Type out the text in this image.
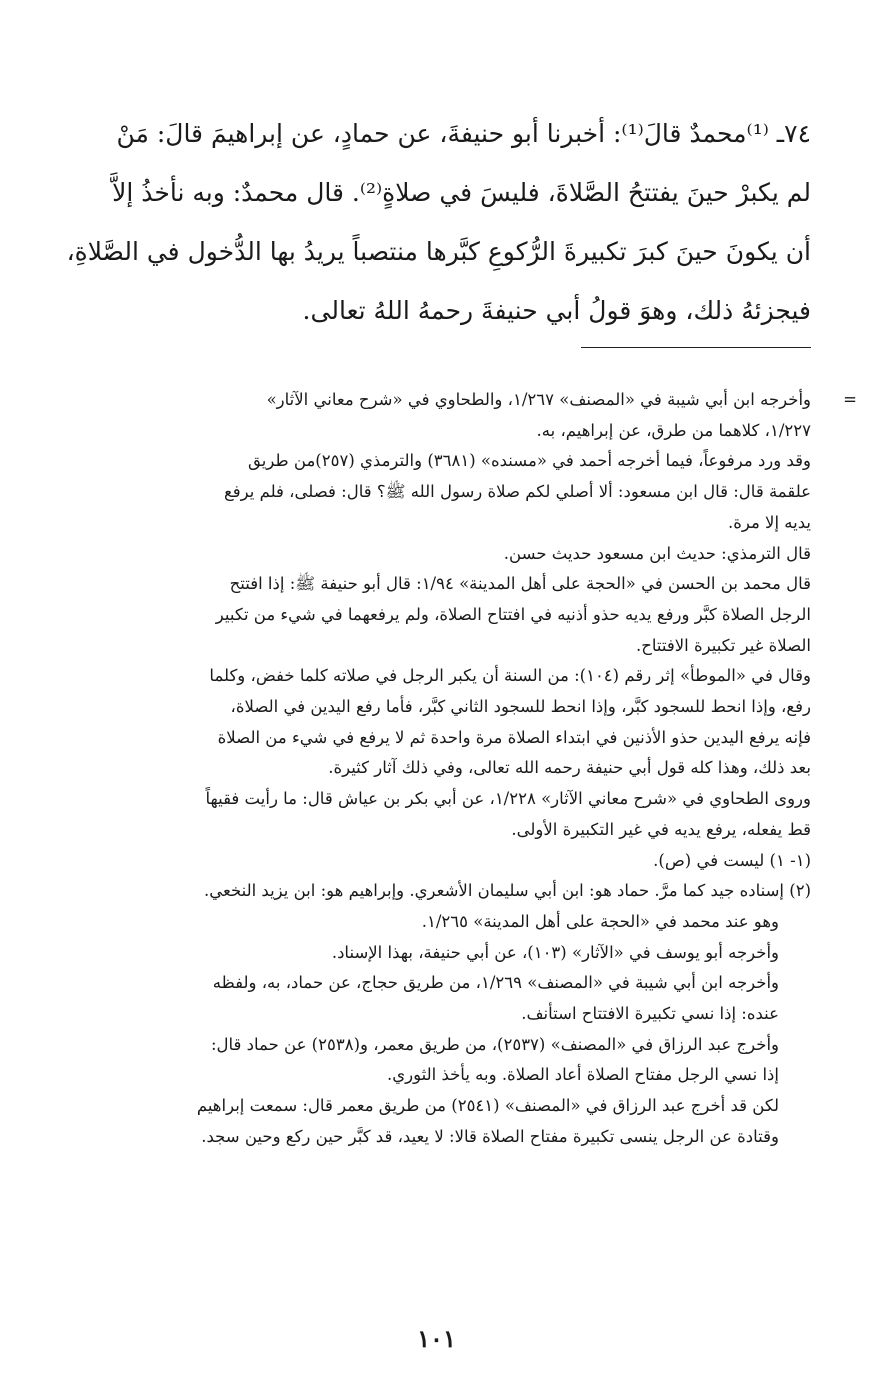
٧٤ـ ⁽¹⁾محمدٌ قالَ⁽¹⁾: أخبرنا أبو حنيفةَ، عن حمادٍ، عن إبراهيمَ قالَ: مَنْ
لم يكبرْ حينَ يفتتحُ الصَّلاةَ، فليسَ في صلاةٍ⁽²⁾. قال محمدٌ: وبه نأخذُ إلاَّ
أن يكونَ حينَ كبرَ تكبيرةَ الرُّكوعِ كبَّرها منتصباً يريدُ بها الدُّخول في الصَّلاةِ،
فيجزئهُ ذلك، وهوَ قولُ أبي حنيفةَ رحمهُ اللهُ تعالى.
=
وأخرجه ابن أبي شيبة في «المصنف» ١/٢٦٧، والطحاوي في «شرح معاني الآثار»
١/٢٢٧، كلاهما من طرق، عن إبراهيم، به.
وقد ورد مرفوعاً، فيما أخرجه أحمد في «مسنده» (٣٦٨١) والترمذي (٢٥٧)من طريق
علقمة قال: قال ابن مسعود: ألا أصلي لكم صلاة رسول الله ﷺ؟ قال: فصلى، فلم يرفع
يديه إلا مرة.
قال الترمذي: حديث ابن مسعود حديث حسن.
قال محمد بن الحسن في «الحجة على أهل المدينة» ١/٩٤: قال أبو حنيفة ﷺ: إذا افتتح
الرجل الصلاة كبَّر ورفع يديه حذو أذنيه في افتتاح الصلاة، ولم يرفعهما في شيء من تكبير
الصلاة غير تكبيرة الافتتاح.
وقال في «الموطأ» إثر رقم (١٠٤): من السنة أن يكبر الرجل في صلاته كلما خفض، وكلما
رفع، وإذا انحط للسجود كبَّر، وإذا انحط للسجود الثاني كبَّر، فأما رفع اليدين في الصلاة،
فإنه يرفع اليدين حذو الأذنين في ابتداء الصلاة مرة واحدة ثم لا يرفع في شيء من الصلاة
بعد ذلك، وهذا كله قول أبي حنيفة رحمه الله تعالى، وفي ذلك آثار كثيرة.
وروى الطحاوي في «شرح معاني الآثار» ١/٢٢٨، عن أبي بكر بن عياش قال: ما رأيت فقيهاً
قط يفعله، يرفع يديه في غير التكبيرة الأولى.
(١- ١) ليست في (ص).
(٢) إسناده جيد كما مرَّ. حماد هو: ابن أبي سليمان الأشعري. وإبراهيم هو: ابن يزيد النخعي.
وهو عند محمد في «الحجة على أهل المدينة» ١/٢٦٥.
وأخرجه أبو يوسف في «الآثار» (١٠٣)، عن أبي حنيفة، بهذا الإسناد.
وأخرجه ابن أبي شيبة في «المصنف» ١/٢٦٩، من طريق حجاج، عن حماد، به، ولفظه
عنده: إذا نسي تكبيرة الافتتاح استأنف.
وأخرج عبد الرزاق في «المصنف» (٢٥٣٧)، من طريق معمر، و(٢٥٣٨) عن حماد قال:
إذا نسي الرجل مفتاح الصلاة أعاد الصلاة. وبه يأخذ الثوري.
لكن قد أخرج عبد الرزاق في «المصنف» (٢٥٤١) من طريق معمر قال: سمعت إبراهيم
وقتادة عن الرجل ينسى تكبيرة مفتاح الصلاة قالا: لا يعيد، قد كبَّر حين ركع وحين سجد.
١٠١
